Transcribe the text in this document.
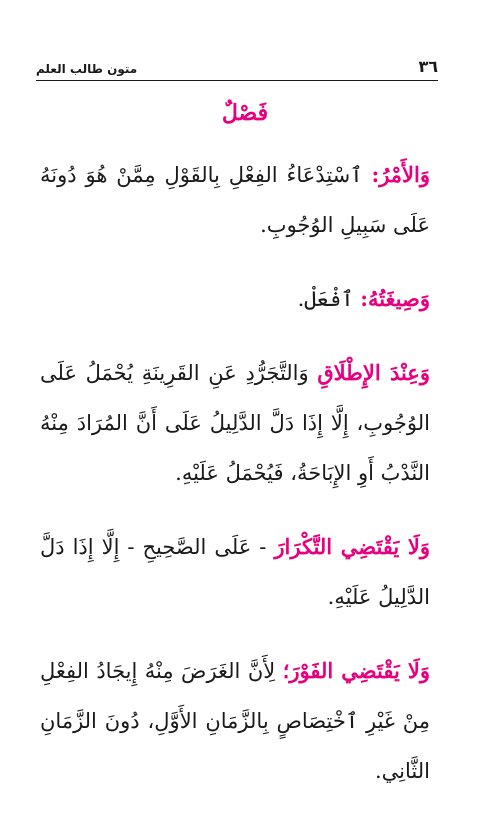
٣٦
متون طالب العلم
فَصْلٌ

وَالأَمْرُ: ٱسْتِدْعَاءُ الفِعْلِ بِالقَوْلِ مِمَّنْ هُوَ دُونَهُ عَلَى سَبِيلِ الوُجُوبِ.

وَصِيغَتُهُ: ٱفْعَلْ.

وَعِنْدَ الإِطْلَاقِ وَالتَّجَرُّدِ عَنِ القَرِينَةِ يُحْمَلُ عَلَى الوُجُوبِ، إِلَّا إِذَا دَلَّ الدَّلِيلُ عَلَى أَنَّ المُرَادَ مِنْهُ النَّدْبُ أَوِ الإِبَاحَةُ، فَيُحْمَلُ عَلَيْهِ.

وَلَا يَقْتَضِي التَّكْرَارَ - عَلَى الصَّحِيحِ - إِلَّا إِذَا دَلَّ الدَّلِيلُ عَلَيْهِ.

وَلَا يَقْتَضِي الفَوْرَ؛ لِأَنَّ الغَرَضَ مِنْهُ إِيجَادُ الفِعْلِ مِنْ غَيْرِ ٱخْتِصَاصٍ بِالزَّمَانِ الأَوَّلِ، دُونَ الزَّمَانِ الثَّانِي.
